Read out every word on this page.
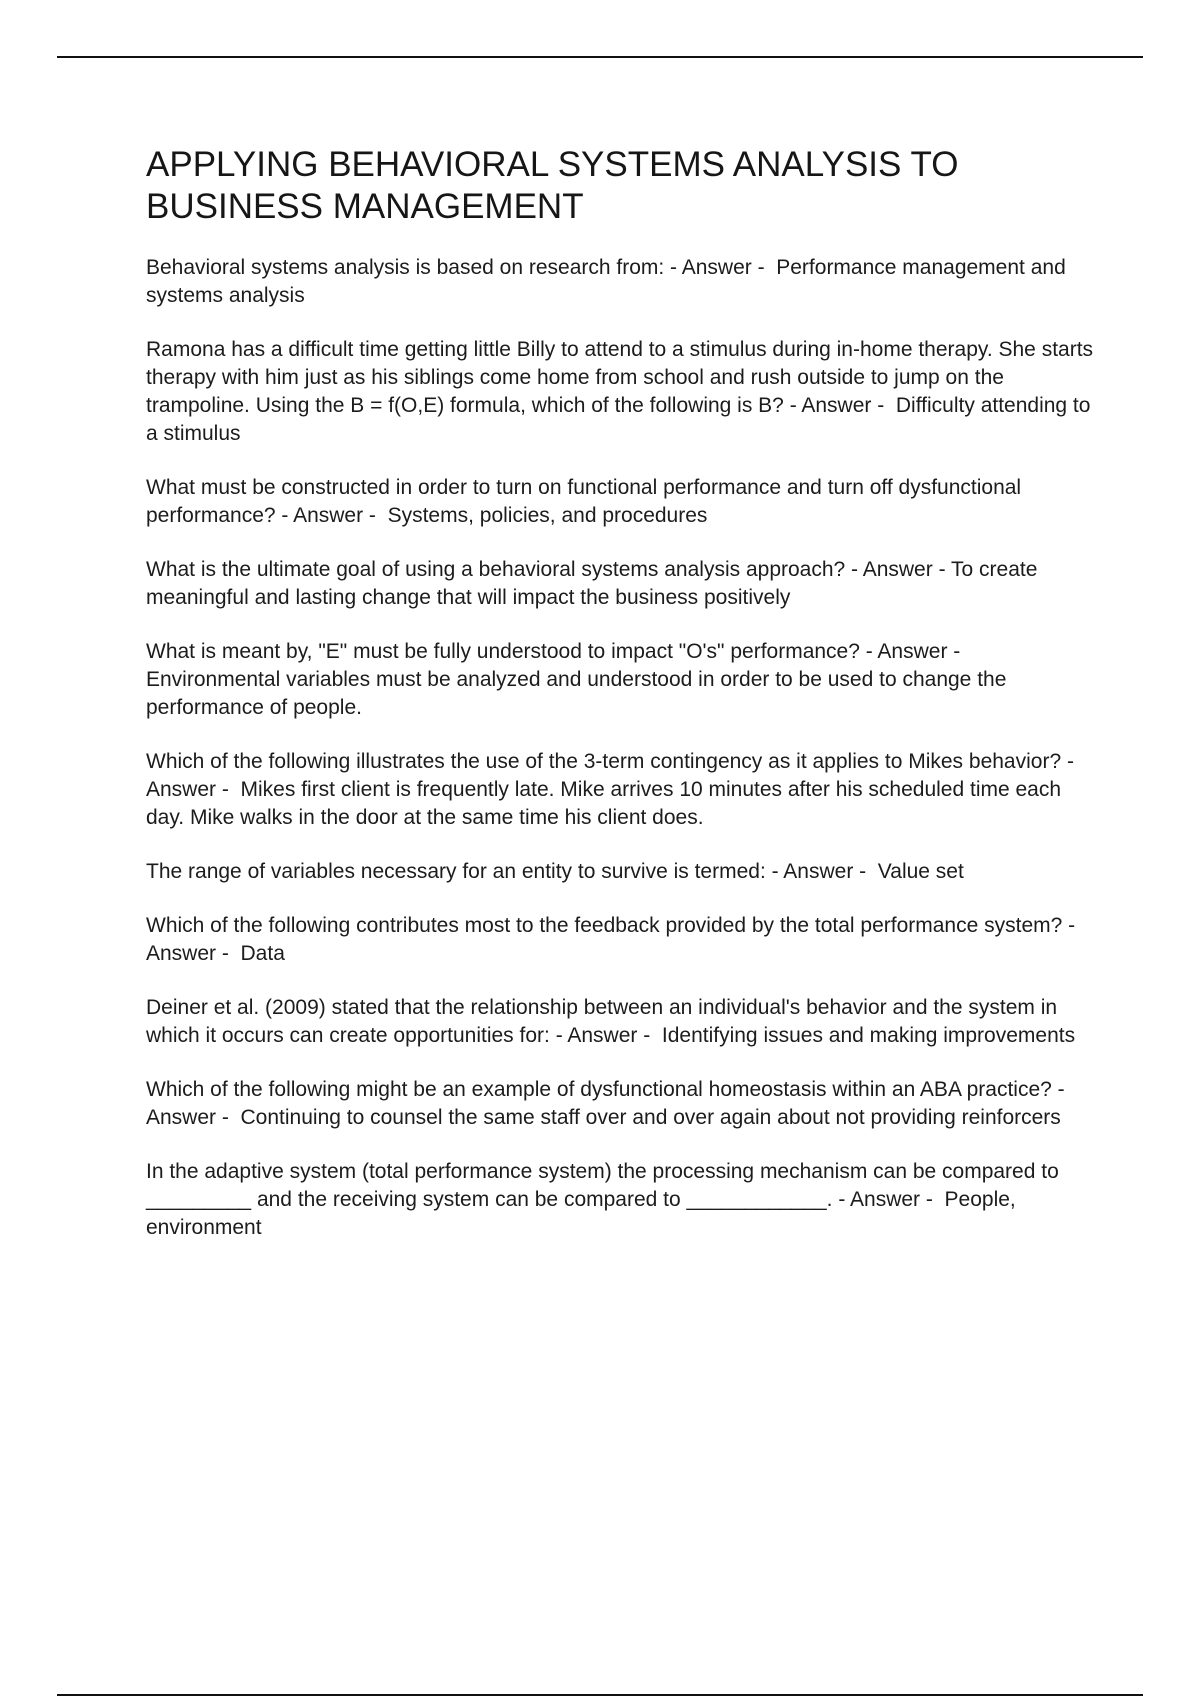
APPLYING BEHAVIORAL SYSTEMS ANALYSIS TO
BUSINESS MANAGEMENT

Behavioral systems analysis is based on research from: - Answer -  Performance management and systems analysis

Ramona has a difficult time getting little Billy to attend to a stimulus during in-home therapy. She starts therapy with him just as his siblings come home from school and rush outside to jump on the trampoline. Using the B = f(O,E) formula, which of the following is B? - Answer -  Difficulty attending to a stimulus

What must be constructed in order to turn on functional performance and turn off dysfunctional performance? - Answer -  Systems, policies, and procedures

What is the ultimate goal of using a behavioral systems analysis approach? - Answer - To create meaningful and lasting change that will impact the business positively

What is meant by, "E" must be fully understood to impact "O's" performance? - Answer - Environmental variables must be analyzed and understood in order to be used to change the performance of people.

Which of the following illustrates the use of the 3-term contingency as it applies to Mikes behavior? - Answer -  Mikes first client is frequently late. Mike arrives 10 minutes after his scheduled time each day. Mike walks in the door at the same time his client does.

The range of variables necessary for an entity to survive is termed: - Answer -  Value set

Which of the following contributes most to the feedback provided by the total performance system? - Answer -  Data

Deiner et al. (2009) stated that the relationship between an individual's behavior and the system in which it occurs can create opportunities for: - Answer -  Identifying issues and making improvements

Which of the following might be an example of dysfunctional homeostasis within an ABA practice? - Answer -  Continuing to counsel the same staff over and over again about not providing reinforcers

In the adaptive system (total performance system) the processing mechanism can be compared to _________ and the receiving system can be compared to ____________. - Answer -  People, environment
